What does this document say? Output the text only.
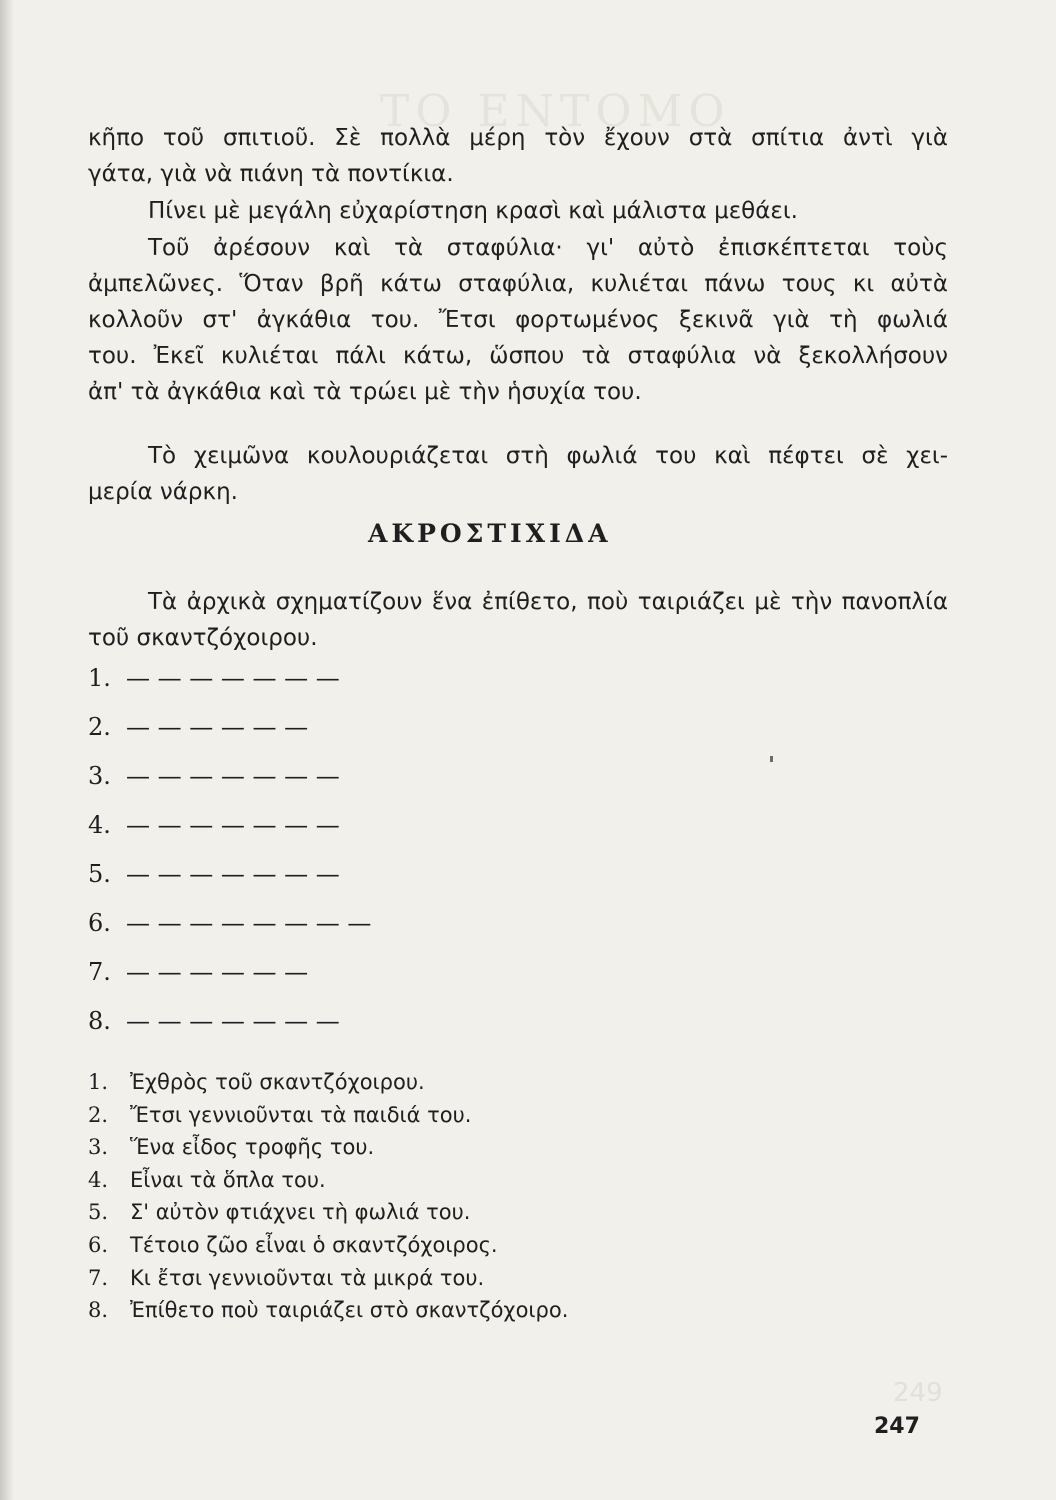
ΤΟ ΕΝΤΟΜΟ
249

κῆπο τοῦ σπιτιοῦ. Σὲ πολλὰ μέρη τὸν ἔχουν στὰ σπίτια ἀντὶ γιὰ
γάτα, γιὰ νὰ πιάνη τὰ ποντίκια.

Πίνει μὲ μεγάλη εὐχαρίστηση κρασὶ καὶ μάλιστα μεθάει.

Τοῦ ἀρέσουν καὶ τὰ σταφύλια· γι' αὐτὸ ἐπισκέπτεται τοὺς
ἀμπελῶνες. Ὅταν βρῆ κάτω σταφύλια, κυλιέται πάνω τους κι αὐτὰ
κολλοῦν στ' ἀγκάθια του. Ἔτσι φορτωμένος ξεκινᾶ γιὰ τὴ φωλιά
του. Ἐκεῖ κυλιέται πάλι κάτω, ὥσπου τὰ σταφύλια νὰ ξεκολλήσουν
ἀπ' τὰ ἀγκάθια καὶ τὰ τρώει μὲ τὴν ἡσυχία του.

Τὸ χειμῶνα κουλουριάζεται στὴ φωλιά του καὶ πέφτει σὲ χει-
μερία νάρκη.

ΑΚΡΟΣΤΙΧΙΔΑ

Τὰ ἀρχικὰ σχηματίζουν ἕνα ἐπίθετο, ποὺ ταιριάζει μὲ τὴν πανοπλία
τοῦ σκαντζόχοιρου.

1. — — — — — — —
2. — — — — — —
3. — — — — — — —
4. — — — — — — —
5. — — — — — — —
6. — — — — — — — —
7. — — — — — —
8. — — — — — — —
1. Ἐχθρὸς τοῦ σκαντζόχοιρου.
2. Ἔτσι γεννιοῦνται τὰ παιδιά του.
3. Ἕνα εἶδος τροφῆς του.
4. Εἶναι τὰ ὅπλα του.
5. Σ' αὐτὸν φτιάχνει τὴ φωλιά του.
6. Τέτοιο ζῶο εἶναι ὁ σκαντζόχοιρος.
7. Κι ἔτσι γεννιοῦνται τὰ μικρά του.
8. Ἐπίθετο ποὺ ταιριάζει στὸ σκαντζόχοιρο.
247
